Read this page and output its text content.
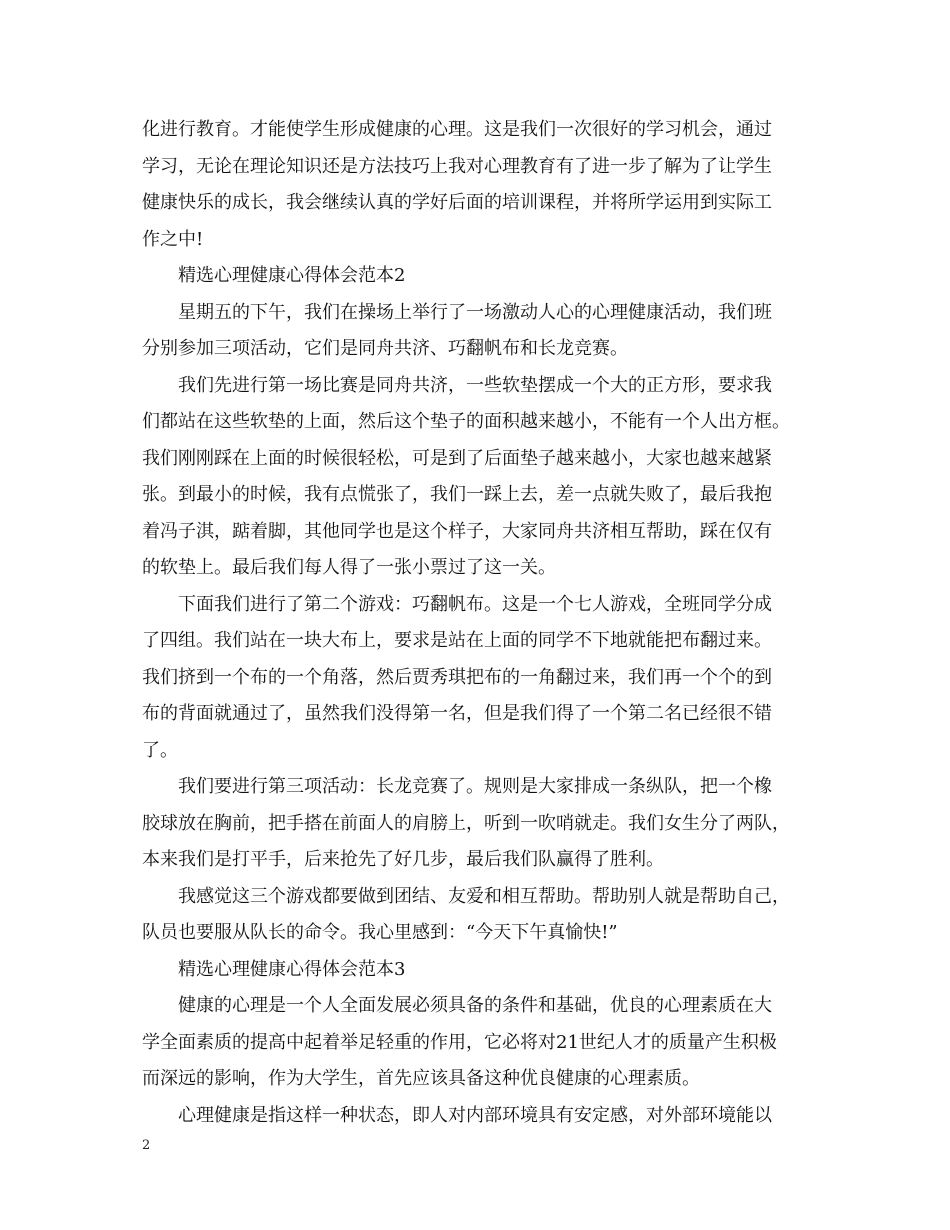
化进行教育。才能使学生形成健康的心理。这是我们一次很好的学习机会，通过
学习，无论在理论知识还是方法技巧上我对心理教育有了进一步了解为了让学生
健康快乐的成长，我会继续认真的学好后面的培训课程，并将所学运用到实际工
作之中!
精选心理健康心得体会范本2
星期五的下午，我们在操场上举行了一场激动人心的心理健康活动，我们班
分别参加三项活动，它们是同舟共济、巧翻帆布和长龙竞赛。
我们先进行第一场比赛是同舟共济，一些软垫摆成一个大的正方形，要求我
们都站在这些软垫的上面，然后这个垫子的面积越来越小，不能有一个人出方框。
我们刚刚踩在上面的时候很轻松，可是到了后面垫子越来越小，大家也越来越紧
张。到最小的时候，我有点慌张了，我们一踩上去，差一点就失败了，最后我抱
着冯子淇，踮着脚，其他同学也是这个样子，大家同舟共济相互帮助，踩在仅有
的软垫上。最后我们每人得了一张小票过了这一关。
下面我们进行了第二个游戏：巧翻帆布。这是一个七人游戏，全班同学分成
了四组。我们站在一块大布上，要求是站在上面的同学不下地就能把布翻过来。
我们挤到一个布的一个角落，然后贾秀琪把布的一角翻过来，我们再一个个的到
布的背面就通过了，虽然我们没得第一名，但是我们得了一个第二名已经很不错
了。
我们要进行第三项活动：长龙竞赛了。规则是大家排成一条纵队，把一个橡
胶球放在胸前，把手搭在前面人的肩膀上，听到一吹哨就走。我们女生分了两队，
本来我们是打平手，后来抢先了好几步，最后我们队赢得了胜利。
我感觉这三个游戏都要做到团结、友爱和相互帮助。帮助别人就是帮助自己，
队员也要服从队长的命令。我心里感到：“今天下午真愉快!”
精选心理健康心得体会范本3
健康的心理是一个人全面发展必须具备的条件和基础，优良的心理素质在大
学全面素质的提高中起着举足轻重的作用，它必将对21世纪人才的质量产生积极
而深远的影响，作为大学生，首先应该具备这种优良健康的心理素质。
心理健康是指这样一种状态，即人对内部环境具有安定感，对外部环境能以
2
